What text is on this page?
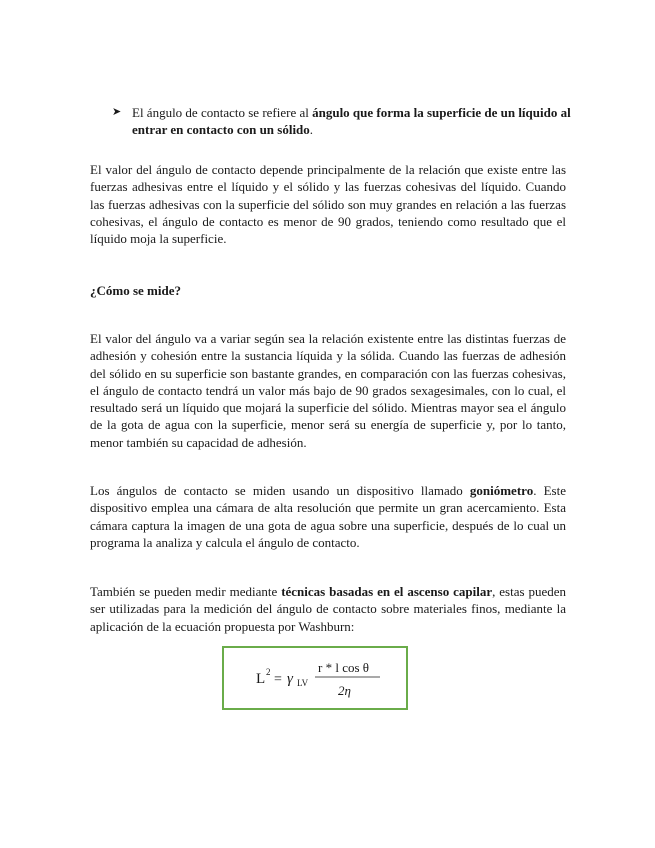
➤ El ángulo de contacto se refiere al ángulo que forma la superficie de un líquido al entrar en contacto con un sólido.

El valor del ángulo de contacto depende principalmente de la relación que existe entre las fuerzas adhesivas entre el líquido y el sólido y las fuerzas cohesivas del líquido. Cuando las fuerzas adhesivas con la superficie del sólido son muy grandes en relación a las fuerzas cohesivas, el ángulo de contacto es menor de 90 grados, teniendo como resultado que el líquido moja la superficie.

¿Cómo se mide?

El valor del ángulo va a variar según sea la relación existente entre las distintas fuerzas de adhesión y cohesión entre la sustancia líquida y la sólida. Cuando las fuerzas de adhesión del sólido en su superficie son bastante grandes, en comparación con las fuerzas cohesivas, el ángulo de contacto tendrá un valor más bajo de 90 grados sexagesimales, con lo cual, el resultado será un líquido que mojará la superficie del sólido. Mientras mayor sea el ángulo de la gota de agua con la superficie, menor será su energía de superficie y, por lo tanto, menor también su capacidad de adhesión.

Los ángulos de contacto se miden usando un dispositivo llamado goniómetro. Este dispositivo emplea una cámara de alta resolución que permite un gran acercamiento. Esta cámara captura la imagen de una gota de agua sobre una superficie, después de lo cual un programa la analiza y calcula el ángulo de contacto.

También se pueden medir mediante técnicas basadas en el ascenso capilar, estas pueden ser utilizadas para la medición del ángulo de contacto sobre materiales finos, mediante la aplicación de la ecuación propuesta por Washburn:

L 2 = γ LV
r * l cos θ
2η
